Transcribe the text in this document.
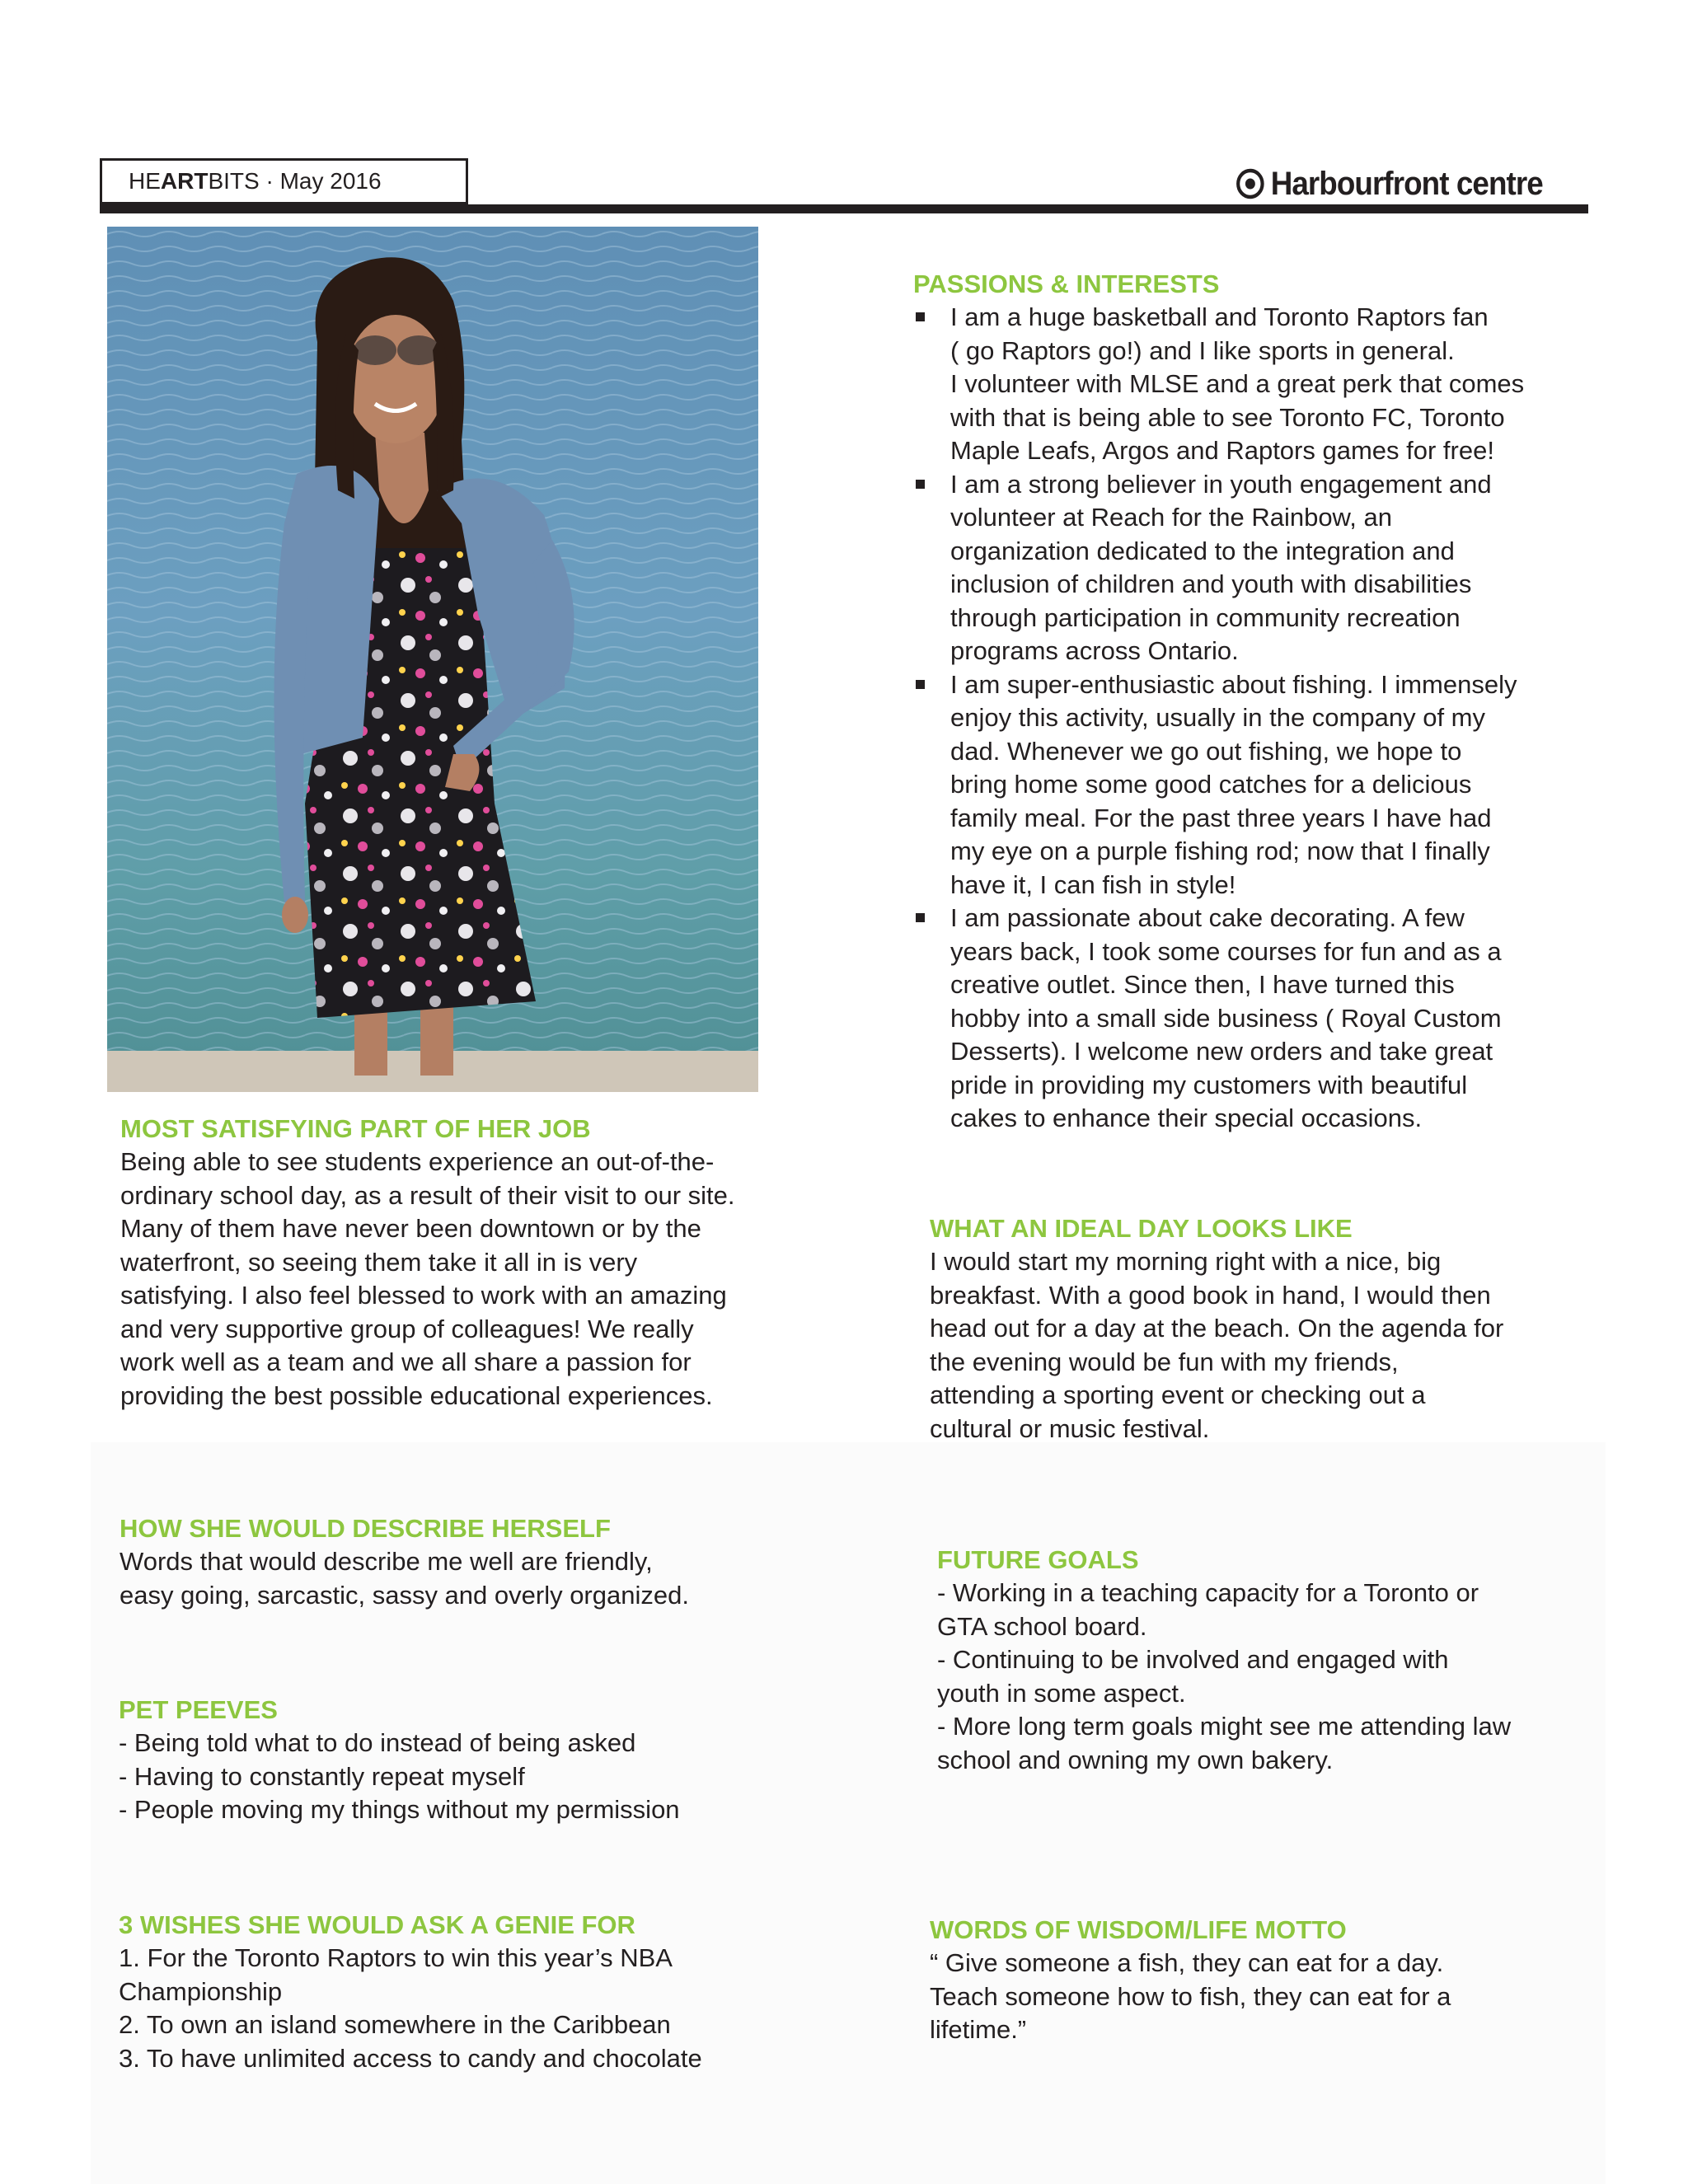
HEARTBITS · May 2016	Harbourfront centre
PASSIONS & INTERESTS
I am a huge basketball and Toronto Raptors fan
( go Raptors go!) and I like sports in general.
I volunteer with MLSE and a great perk that comes
with that is being able to see Toronto FC, Toronto
Maple Leafs, Argos and Raptors games for free!
I am a strong believer in youth engagement and
volunteer at Reach for the Rainbow, an
organization dedicated to the integration and
inclusion of children and youth with disabilities
through participation in community recreation
programs across Ontario.
I am super-enthusiastic about fishing. I immensely
enjoy this activity, usually in the company of my
dad. Whenever we go out fishing, we hope to
bring home some good catches for a delicious
family meal. For the past three years I have had
my eye on a purple fishing rod; now that I finally
have it, I can fish in style!
I am passionate about cake decorating. A few
years back, I took some courses for fun and as a
creative outlet. Since then, I have turned this
hobby into a small side business ( Royal Custom
Desserts). I welcome new orders and take great
pride in providing my customers with beautiful
cakes to enhance their special occasions.
MOST SATISFYING PART OF HER JOB
Being able to see students experience an out-of-the-
ordinary school day, as a result of their visit to our site.
Many of them have never been downtown or by the
waterfront, so seeing them take it all in is very
satisfying. I also feel blessed to work with an amazing
and very supportive group of colleagues! We really
work well as a team and we all share a passion for
providing the best possible educational experiences.
WHAT AN IDEAL DAY LOOKS LIKE
I would start my morning right with a nice, big
breakfast. With a good book in hand, I would then
head out for a day at the beach. On the agenda for
the evening would be fun with my friends,
attending a sporting event or checking out a
cultural or music festival.
HOW SHE WOULD DESCRIBE HERSELF
Words that would describe me well are friendly,
easy going, sarcastic, sassy and overly organized.
FUTURE GOALS
- Working in a teaching capacity for a Toronto or
GTA school board.
- Continuing to be involved and engaged with
youth in some aspect.
- More long term goals might see me attending law
school and owning my own bakery.
PET PEEVES
- Being told what to do instead of being asked
- Having to constantly repeat myself
- People moving my things without my permission
3 WISHES SHE WOULD ASK A GENIE FOR
1. For the Toronto Raptors to win this year’s NBA
Championship
2. To own an island somewhere in the Caribbean
3. To have unlimited access to candy and chocolate
WORDS OF WISDOM/LIFE MOTTO
“ Give someone a fish, they can eat for a day.
Teach someone how to fish, they can eat for a
lifetime.”
